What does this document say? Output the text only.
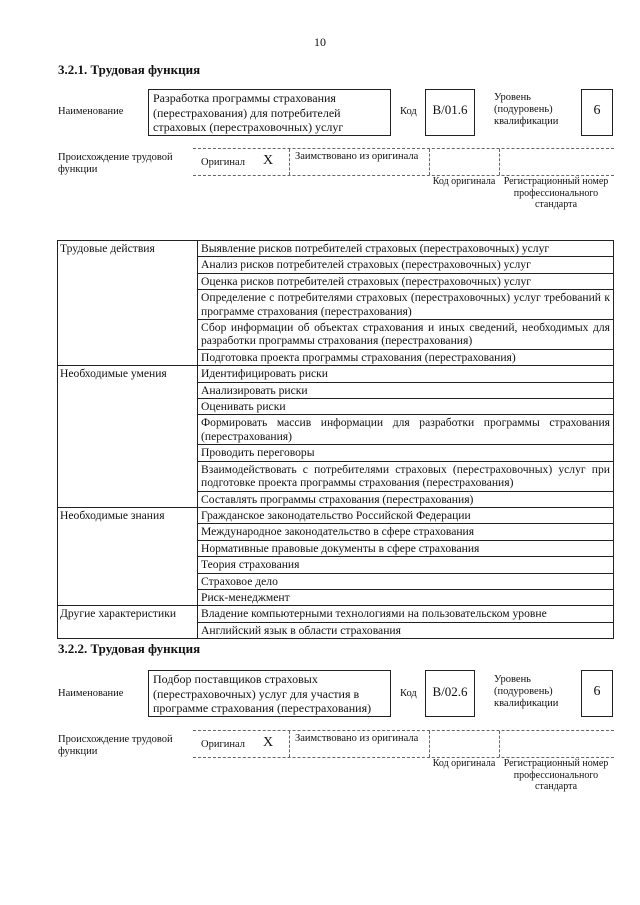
10
3.2.1. Трудовая функция
Наименование
Разработка программы страхования (перестрахования) для потребителей страховых (перестраховочных) услуг
Код	B/01.6
Уровень (подуровень) квалификации
6
Происхождение трудовой функции
Оригинал X Заимствовано из оригинала
Код оригинала Регистрационный номер профессионального стандарта
Трудовые действия	Выявление рисков потребителей страховых (перестраховочных) услуг
	Анализ рисков потребителей страховых (перестраховочных) услуг
	Оценка рисков потребителей страховых (перестраховочных) услуг
	Определение с потребителями страховых (перестраховочных) услуг требований к программе страхования (перестрахования)
	Сбор информации об объектах страхования и иных сведений, необходимых для разработки программы страхования (перестрахования)
	Подготовка проекта программы страхования (перестрахования)
Необходимые умения	Идентифицировать риски
	Анализировать риски
	Оценивать риски
	Формировать массив информации для разработки программы страхования (перестрахования)
	Проводить переговоры
	Взаимодействовать с потребителями страховых (перестраховочных) услуг при подготовке проекта программы страхования (перестрахования)
	Составлять программы страхования (перестрахования)
Необходимые знания	Гражданское законодательство Российской Федерации
	Международное законодательство в сфере страхования
	Нормативные правовые документы в сфере страхования
	Теория страхования
	Страховое дело
	Риск-менеджмент
Другие характеристики	Владение компьютерными технологиями на пользовательском уровне
	Английский язык в области страхования
3.2.2. Трудовая функция
Наименование
Подбор поставщиков страховых (перестраховочных) услуг для участия в программе страхования (перестрахования)
Код	B/02.6
Уровень (подуровень) квалификации
6
Происхождение трудовой функции
Оригинал X Заимствовано из оригинала
Код оригинала Регистрационный номер профессионального стандарта
